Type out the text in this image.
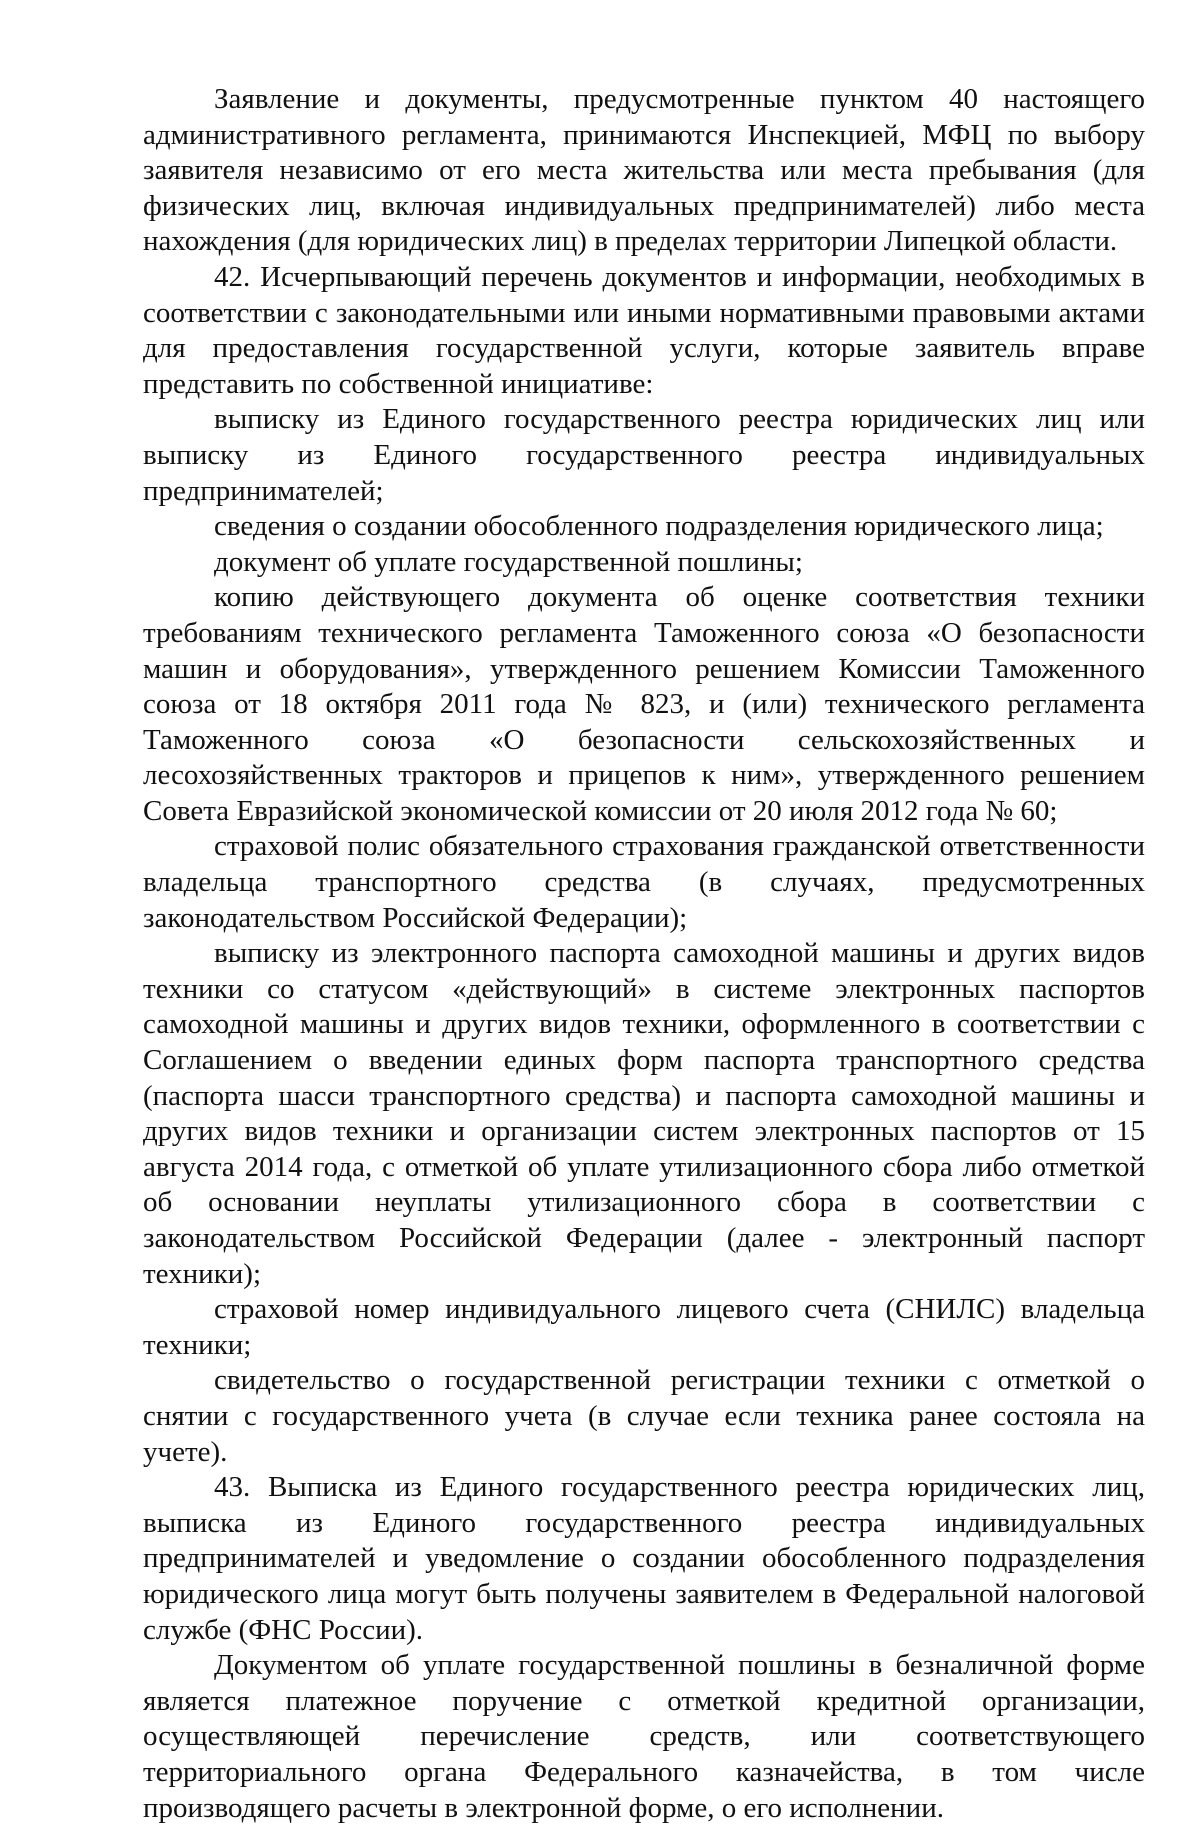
Заявление и документы, предусмотренные пунктом 40 настоящего административного регламента, принимаются Инспекцией, МФЦ по выбору заявителя независимо от его места жительства или места пребывания (для физических лиц, включая индивидуальных предпринимателей) либо места нахождения (для юридических лиц) в пределах территории Липецкой области.

42. Исчерпывающий перечень документов и информации, необходимых в соответствии с законодательными или иными нормативными правовыми актами для предоставления государственной услуги, которые заявитель вправе представить по собственной инициативе:

выписку из Единого государственного реестра юридических лиц или выписку из Единого государственного реестра индивидуальных предпринимателей;

сведения о создании обособленного подразделения юридического лица;

документ об уплате государственной пошлины;

копию действующего документа об оценке соответствия техники требованиям технического регламента Таможенного союза «О безопасности машин и оборудования», утвержденного решением Комиссии Таможенного союза от 18 октября 2011 года № 823, и (или) технического регламента Таможенного союза «О безопасности сельскохозяйственных и лесохозяйственных тракторов и прицепов к ним», утвержденного решением Совета Евразийской экономической комиссии от 20 июля 2012 года № 60;

страховой полис обязательного страхования гражданской ответственности владельца транспортного средства (в случаях, предусмотренных законодательством Российской Федерации);

выписку из электронного паспорта самоходной машины и других видов техники со статусом «действующий» в системе электронных паспортов самоходной машины и других видов техники, оформленного в соответствии с Соглашением о введении единых форм паспорта транспортного средства (паспорта шасси транспортного средства) и паспорта самоходной машины и других видов техники и организации систем электронных паспортов от 15 августа 2014 года, с отметкой об уплате утилизационного сбора либо отметкой об основании неуплаты утилизационного сбора в соответствии с законодательством Российской Федерации (далее - электронный паспорт техники);

страховой номер индивидуального лицевого счета (СНИЛС) владельца техники;

свидетельство о государственной регистрации техники с отметкой о снятии с государственного учета (в случае если техника ранее состояла на учете).

43. Выписка из Единого государственного реестра юридических лиц, выписка из Единого государственного реестра индивидуальных предпринимателей и уведомление о создании обособленного подразделения юридического лица могут быть получены заявителем в Федеральной налоговой службе (ФНС России).

Документом об уплате государственной пошлины в безналичной форме является платежное поручение с отметкой кредитной организации, осуществляющей перечисление средств, или соответствующего территориального органа Федерального казначейства, в том числе производящего расчеты в электронной форме, о его исполнении.
